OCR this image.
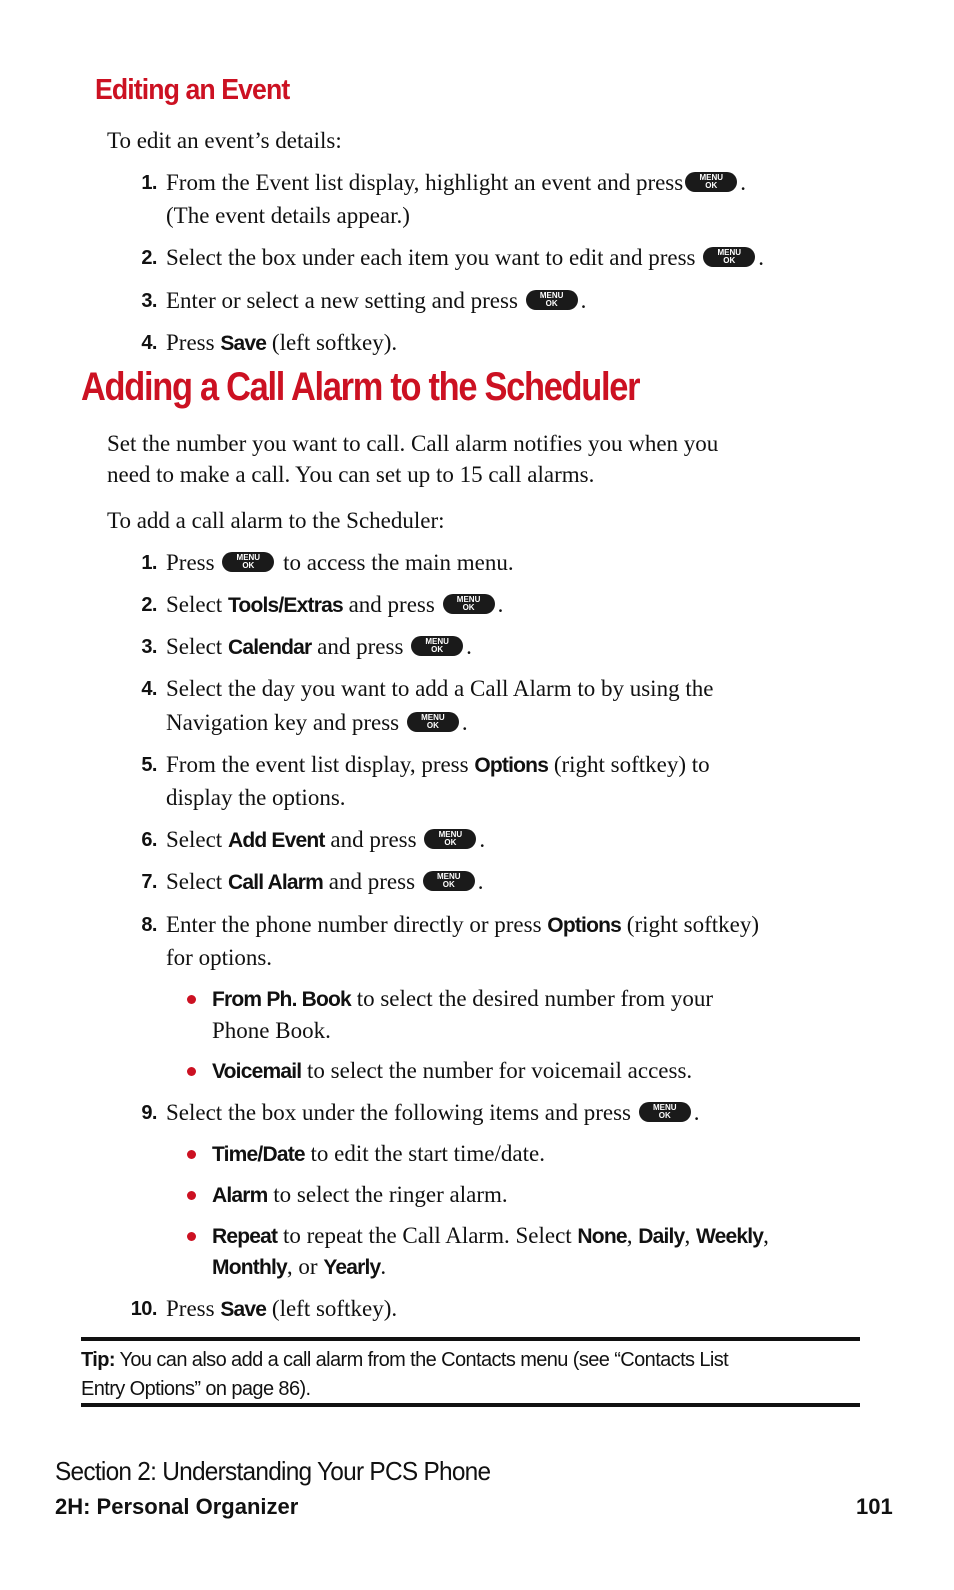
Editing an Event
To edit an event’s details:
1. From the Event list display, highlight an event and press	MENU
OK	.
(The event details appear.)
2. Select the box under each item you want to edit and press	MENU
OK	.
3. Enter or select a new setting and press	MENU
OK	.
4. Press Save (left softkey).
Adding a Call Alarm to the Scheduler
Set the number you want to call. Call alarm notifies you when you
need to make a call. You can set up to 15 call alarms.
To add a call alarm to the Scheduler:
1. Press	MENU
OK	to access the main menu.
2. Select Tools/Extras and press	MENU
OK	.
3. Select Calendar and press	MENU
OK	.
4. Select the day you want to add a Call Alarm to by using the
Navigation key and press	MENU
OK	.
5. From the event list display, press Options (right softkey) to
display the options.
6. Select Add Event and press	MENU
OK	.
7. Select Call Alarm and press	MENU
OK	.
8. Enter the phone number directly or press Options (right softkey)
for options.
From Ph. Book to select the desired number from your
Phone Book.
Voicemail to select the number for voicemail access.
9. Select the box under the following items and press	MENU
OK	.
Time/Date to edit the start time/date.
Alarm to select the ringer alarm.
Repeat to repeat the Call Alarm. Select None, Daily, Weekly,
Monthly, or Yearly.
10. Press Save (left softkey).
Tip: You can also add a call alarm from the Contacts menu (see “Contacts List
Entry Options” on page 86).
Section 2: Understanding Your PCS Phone
2H: Personal Organizer	101
